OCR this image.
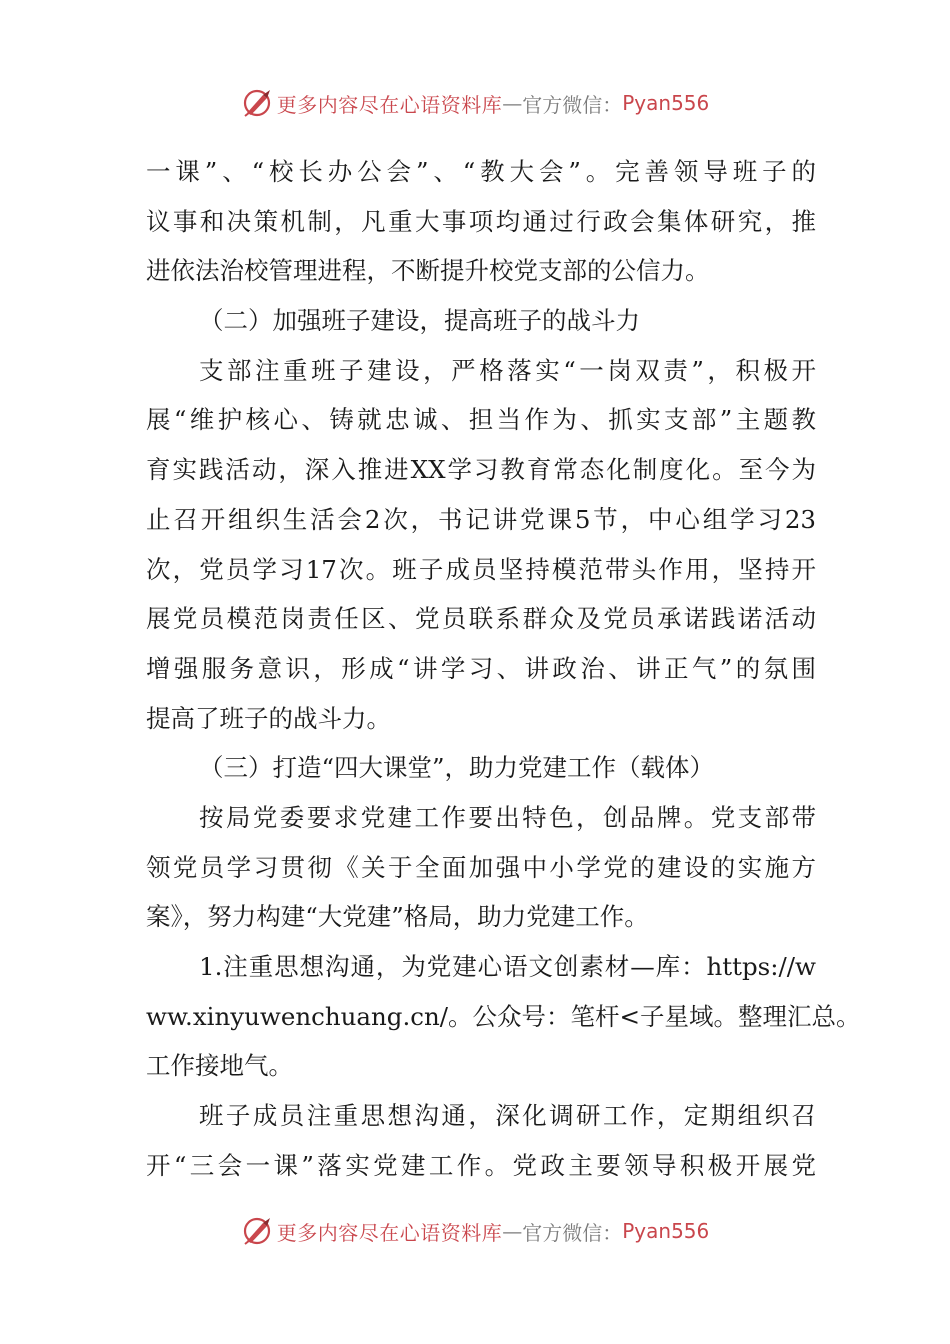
更多内容尽在心语资料库 — 官方微信： Pyan556
一课”、“校长办公会”、“教大会”。完善领导班子的
议事和决策机制，凡重大事项均通过行政会集体研究，推
进依法治校管理进程，不断提升校党支部的公信力。
（二）加强班子建设，提高班子的战斗力
支部注重班子建设，严格落实“一岗双责”，积极开
展“维护核心、铸就忠诚、担当作为、抓实支部”主题教
育实践活动，深入推进XX学习教育常态化制度化。至今为
止召开组织生活会2次，书记讲党课5节，中心组学习23
次，党员学习17次。班子成员坚持模范带头作用，坚持开
展党员模范岗责任区、党员联系群众及党员承诺践诺活动
增强服务意识，形成“讲学习、讲政治、讲正气”的氛围
提高了班子的战斗力。
（三）打造“四大课堂”，助力党建工作（载体）
按局党委要求党建工作要出特色，创品牌。党支部带
领党员学习贯彻《关于全面加强中小学党的建设的实施方
案》，努力构建“大党建”格局，助力党建工作。
1.注重思想沟通，为党建心语文创素材—库：https://w
ww.xinyuwenchuang.cn/。公众号：笔杆<子星域。整理汇总。
工作接地气。
班子成员注重思想沟通，深化调研工作，定期组织召
开“三会一课”落实党建工作。党政主要领导积极开展党
更多内容尽在心语资料库 — 官方微信： Pyan556
